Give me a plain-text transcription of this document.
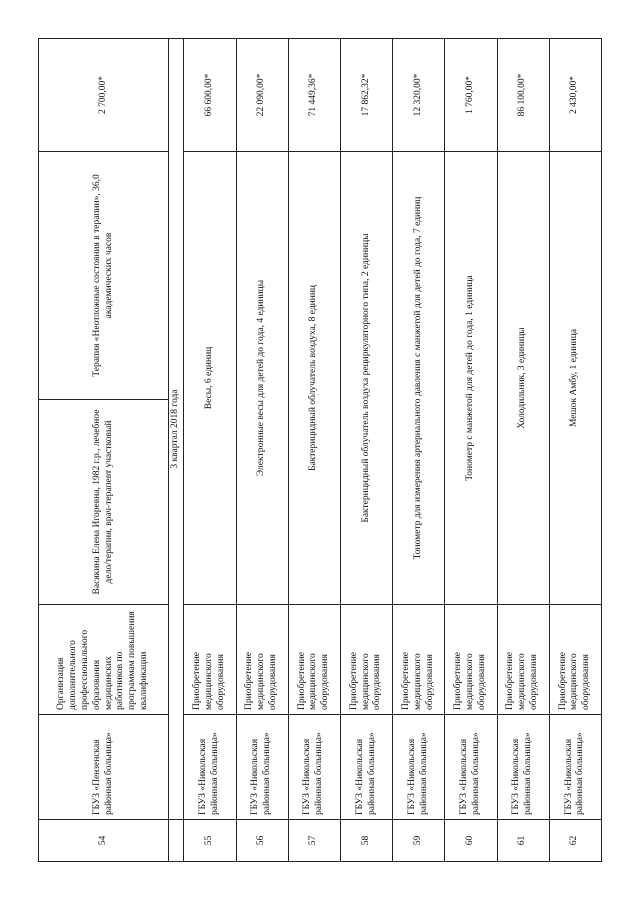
54	ГБУЗ «Пензенская районная больница»	Организация дополнительного профессионального образования медицинских работников по программам повышения квалификации	Васякина Елена Игоревна, 1982 г.р., лечебное дело/терапия, врач-терапевт участковый	Терапия «Неотложные состояния в терапии», 36,0 академических часов	2 700,00*
	3 квартал 2018 года				
55	ГБУЗ «Никольская районная больница»	Приобретение медицинского оборудования	Весы, 6 единиц		66 600,00*
56	ГБУЗ «Никольская районная больница»	Приобретение медицинского оборудования	Электронные весы для детей до года, 4 единицы		22 090,00*
57	ГБУЗ «Никольская районная больница»	Приобретение медицинского оборудования	Бактерицидный облучатель воздуха, 8 единиц		71 449,36*
58	ГБУЗ «Никольская районная больница»	Приобретение медицинского оборудования	Бактерицидный облучатель воздуха рециркуляторного типа, 2 единицы		17 862,32*
59	ГБУЗ «Никольская районная больница»	Приобретение медицинского оборудования	Тонометр для измерения артериального давления с манжетой для детей до года, 7 единиц		12 320,00*
60	ГБУЗ «Никольская районная больница»	Приобретение медицинского оборудования	Тонометр с манжетой для детей до года, 1 единица		1 760,00*
61	ГБУЗ «Никольская районная больница»	Приобретение медицинского оборудования	Холодильник, 3 единицы		86 100,00*
62	ГБУЗ «Никольская районная больница»	Приобретение медицинского оборудования	Мешок Амбу, 1 единица		2 430,00*
